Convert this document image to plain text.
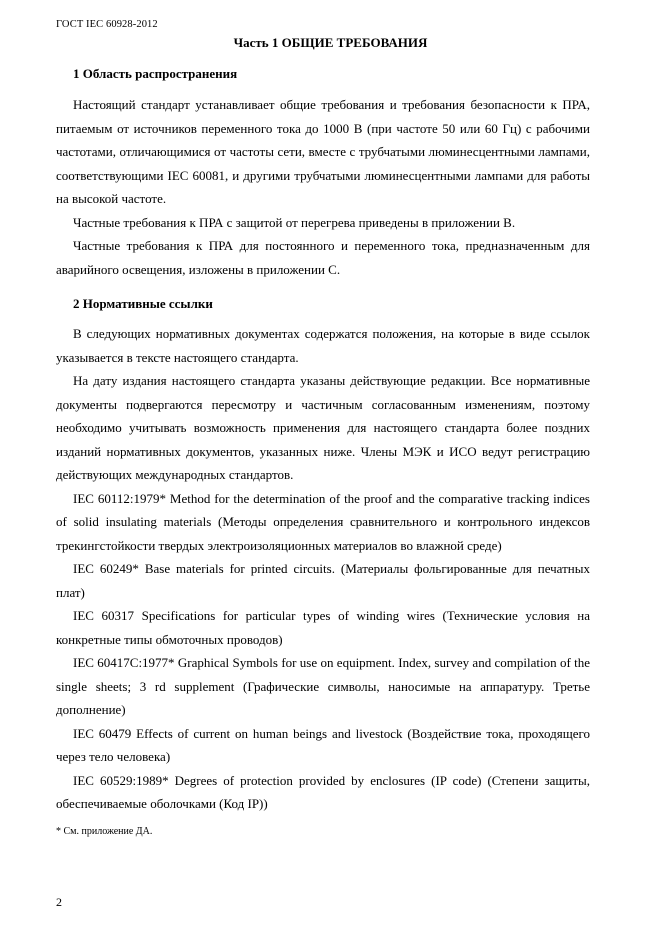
ГОСТ IEC 60928-2012
Часть 1 ОБЩИЕ ТРЕБОВАНИЯ
1 Область распространения

Настоящий стандарт устанавливает общие требования и требования безопасности к ПРА, питаемым от источников переменного тока до 1000 В (при частоте 50 или 60 Гц) с рабочими частотами, отличающимися от частоты сети, вместе с трубчатыми люминесцентными лампами, соответствующими IEC 60081, и другими трубчатыми люминесцентными лампами для работы на высокой частоте.

Частные требования к ПРА с защитой от перегрева приведены в приложении В.

Частные требования к ПРА для постоянного и переменного тока, предназначенным для аварийного освещения, изложены в приложении С.

2 Нормативные ссылки

В следующих нормативных документах содержатся положения, на которые в виде ссылок указывается в тексте настоящего стандарта.

На дату издания настоящего стандарта указаны действующие редакции. Все нормативные документы подвергаются пересмотру и частичным согласованным изменениям, поэтому необходимо учитывать возможность применения для настоящего стандарта более поздних изданий нормативных документов, указанных ниже. Члены МЭК и ИСО ведут регистрацию действующих международных стандартов.

IEC 60112:1979* Method for the determination of the proof and the comparative tracking indices of solid insulating materials (Методы определения сравнительного и контрольного индексов трекингстойкости твердых электроизоляционных материалов во влажной среде)

IEC 60249* Base materials for printed circuits. (Материалы фольгированные для печатных плат)

IEC 60317 Specifications for particular types of winding wires (Технические условия на конкретные типы обмоточных проводов)

IEC 60417C:1977* Graphical Symbols for use on equipment. Index, survey and compilation of the single sheets; 3 rd supplement (Графические символы, наносимые на аппаратуру. Третье дополнение)

IEC 60479 Effects of current on human beings and livestock (Воздействие тока, проходящего через тело человека)

IEC 60529:1989* Degrees of protection provided by enclosures (IP code) (Степени защиты, обеспечиваемые оболочками (Код IP))

* См. приложение ДА.
2
